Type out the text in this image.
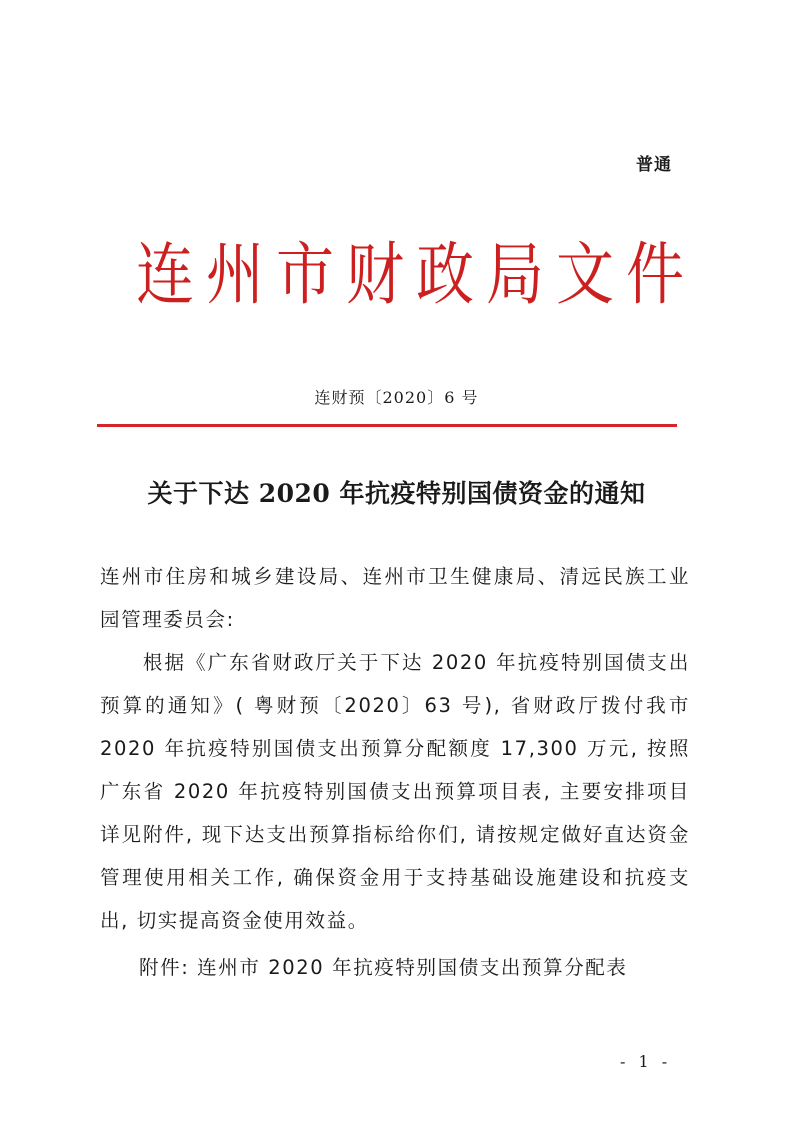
普通
连州市财政局文件
连财预〔2020〕6 号
关于下达 2020 年抗疫特别国债资金的通知

连州市住房和城乡建设局、连州市卫生健康局、清远民族工业园管理委员会:

根据《广东省财政厅关于下达 2020 年抗疫特别国债支出预算的通知》( 粤财预〔2020〕63 号), 省财政厅拨付我市 2020 年抗疫特别国债支出预算分配额度 17,300 万元, 按照广东省 2020 年抗疫特别国债支出预算项目表, 主要安排项目详见附件, 现下达支出预算指标给你们, 请按规定做好直达资金管理使用相关工作, 确保资金用于支持基础设施建设和抗疫支出, 切实提高资金使用效益。

附件: 连州市 2020 年抗疫特别国债支出预算分配表
- 1 -
